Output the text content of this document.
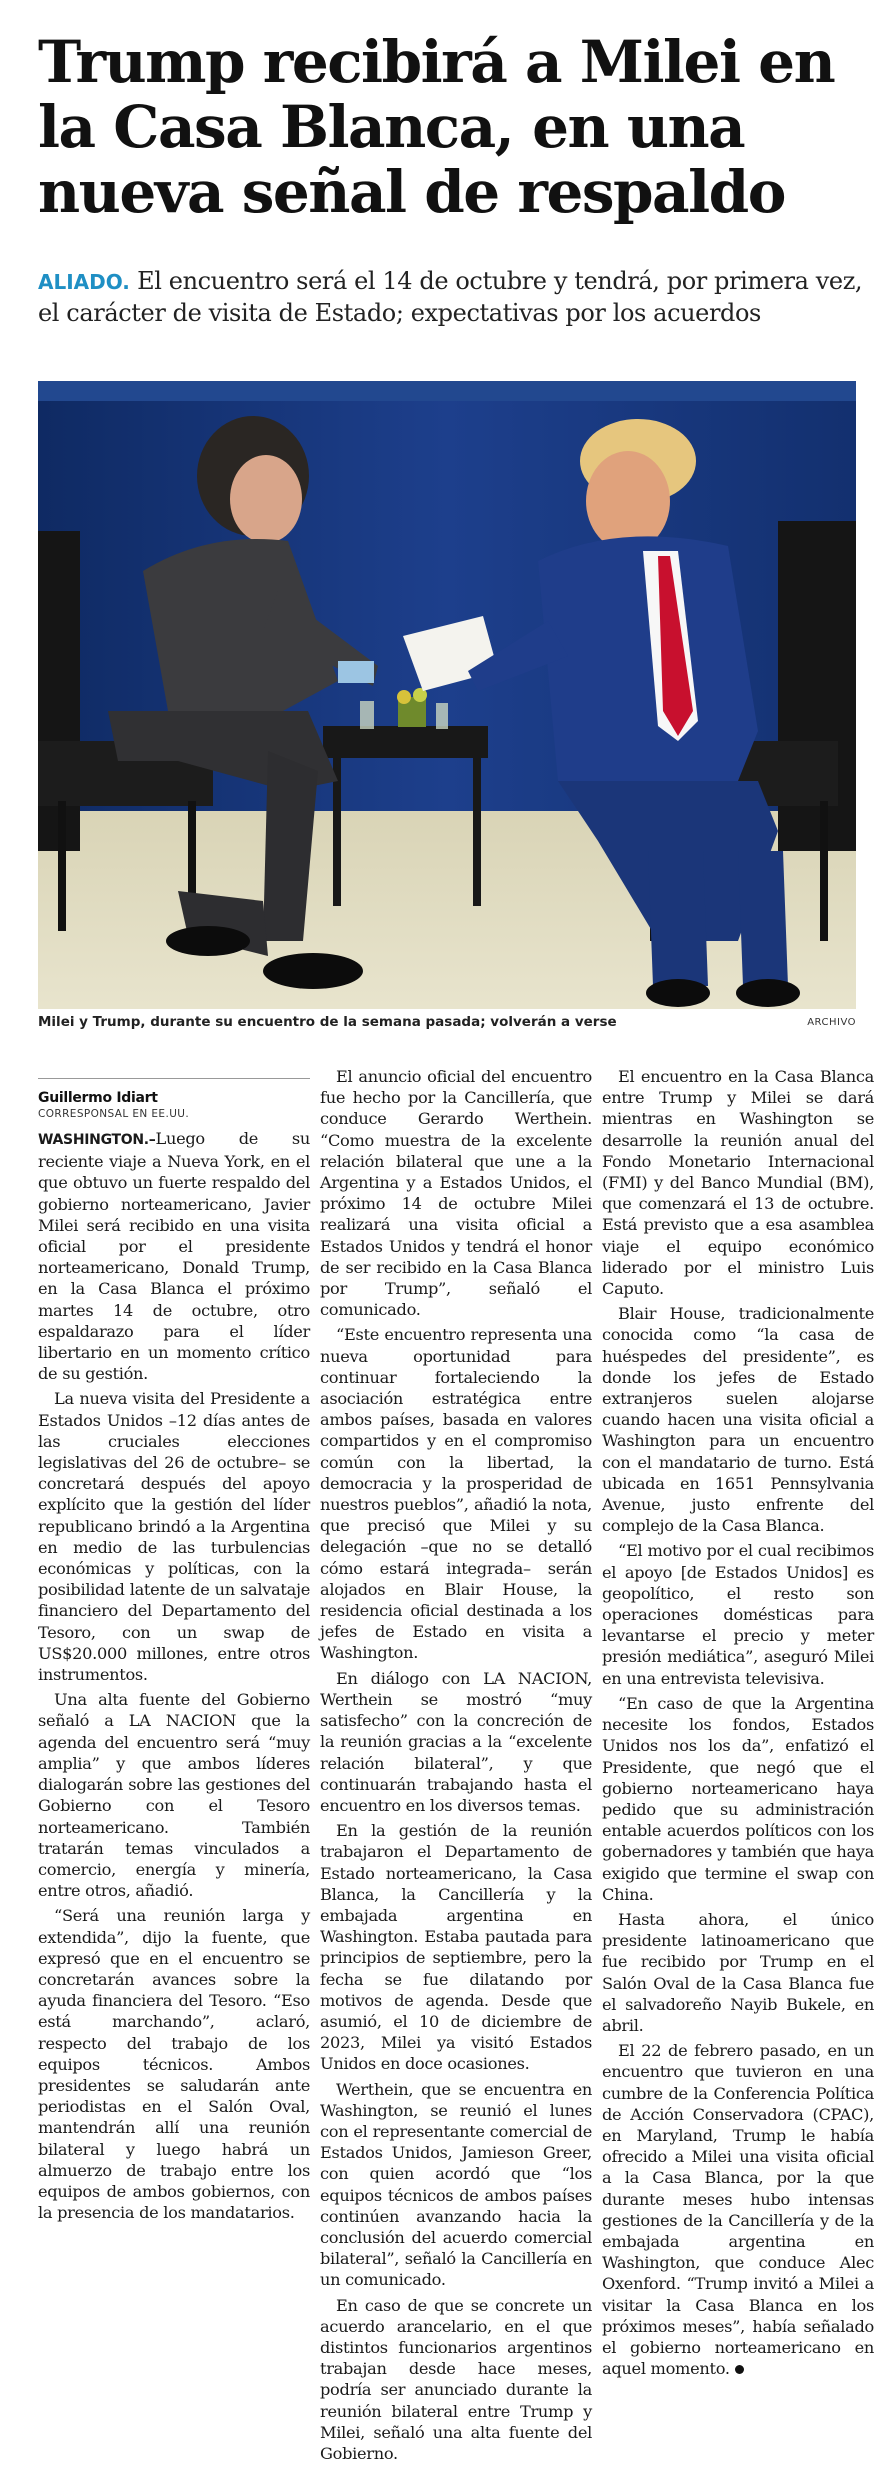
Trump recibirá a Milei en la Casa Blanca, en una nueva señal de respaldo
ALIADO. El encuentro será el 14 de octubre y tendrá, por primera vez, el carácter de visita de Estado; expectativas por los acuerdos
Milei y Trump, durante su encuentro de la semana pasada; volverán a verse	ARCHIVO
Guillermo Idiart
CORRESPONSAL EN EE.UU.

WASHINGTON.–Luego de su reciente viaje a Nueva York, en el que obtuvo un fuerte respaldo del gobierno norteamericano, Javier Milei será recibido en una visita oficial por el presidente norteamericano, Donald Trump, en la Casa Blanca el próximo martes 14 de octubre, otro espaldarazo para el líder libertario en un momento crítico de su gestión.

La nueva visita del Presidente a Estados Unidos –12 días antes de las cruciales elecciones legislativas del 26 de octubre– se concretará después del apoyo explícito que la gestión del líder republicano brindó a la Argentina en medio de las turbulencias económicas y políticas, con la posibilidad latente de un salvataje financiero del Departamento del Tesoro, con un swap de US$20.000 millones, entre otros instrumentos.

Una alta fuente del Gobierno señaló a LA NACION que la agenda del encuentro será “muy amplia” y que ambos líderes dialogarán sobre las gestiones del Gobierno con el Tesoro norteamericano. También tratarán temas vinculados a comercio, energía y minería, entre otros, añadió.

“Será una reunión larga y extendida”, dijo la fuente, que expresó que en el encuentro se concretarán avances sobre la ayuda financiera del Tesoro. “Eso está marchando”, aclaró, respecto del trabajo de los equipos técnicos. Ambos presidentes se saludarán ante periodistas en el Salón Oval, mantendrán allí una reunión bilateral y luego habrá un almuerzo de trabajo entre los equipos de ambos gobiernos, con la presencia de los mandatarios.

El anuncio oficial del encuentro fue hecho por la Cancillería, que conduce Gerardo Werthein. “Como muestra de la excelente relación bilateral que une a la Argentina y a Estados Unidos, el próximo 14 de octubre Milei realizará una visita oficial a Estados Unidos y tendrá el honor de ser recibido en la Casa Blanca por Trump”, señaló el comunicado.

“Este encuentro representa una nueva oportunidad para continuar fortaleciendo la asociación estratégica entre ambos países, basada en valores compartidos y en el compromiso común con la libertad, la democracia y la prosperidad de nuestros pueblos”, añadió la nota, que precisó que Milei y su delegación –que no se detalló cómo estará integrada– serán alojados en Blair House, la residencia oficial destinada a los jefes de Estado en visita a Washington.

En diálogo con LA NACION, Werthein se mostró “muy satisfecho” con la concreción de la reunión gracias a la “excelente relación bilateral”, y que continuarán trabajando hasta el encuentro en los diversos temas.

En la gestión de la reunión trabajaron el Departamento de Estado norteamericano, la Casa Blanca, la Cancillería y la embajada argentina en Washington. Estaba pautada para principios de septiembre, pero la fecha se fue dilatando por motivos de agenda. Desde que asumió, el 10 de diciembre de 2023, Milei ya visitó Estados Unidos en doce ocasiones.

Werthein, que se encuentra en Washington, se reunió el lunes con el representante comercial de Estados Unidos, Jamieson Greer, con quien acordó que “los equipos técnicos de ambos países continúen avanzando hacia la conclusión del acuerdo comercial bilateral”, señaló la Cancillería en un comunicado.

En caso de que se concrete un acuerdo arancelario, en el que distintos funcionarios argentinos trabajan desde hace meses, podría ser anunciado durante la reunión bilateral entre Trump y Milei, señaló una alta fuente del Gobierno.

El encuentro en la Casa Blanca entre Trump y Milei se dará mientras en Washington se desarrolle la reunión anual del Fondo Monetario Internacional (FMI) y del Banco Mundial (BM), que comenzará el 13 de octubre. Está previsto que a esa asamblea viaje el equipo económico liderado por el ministro Luis Caputo.

Blair House, tradicionalmente conocida como “la casa de huéspedes del presidente”, es donde los jefes de Estado extranjeros suelen alojarse cuando hacen una visita oficial a Washington para un encuentro con el mandatario de turno. Está ubicada en 1651 Pennsylvania Avenue, justo enfrente del complejo de la Casa Blanca.

“El motivo por el cual recibimos el apoyo [de Estados Unidos] es geopolítico, el resto son operaciones domésticas para levantarse el precio y meter presión mediática”, aseguró Milei en una entrevista televisiva.

“En caso de que la Argentina necesite los fondos, Estados Unidos nos los da”, enfatizó el Presidente, que negó que el gobierno norteamericano haya pedido que su administración entable acuerdos políticos con los gobernadores y también que haya exigido que termine el swap con China.

Hasta ahora, el único presidente latinoamericano que fue recibido por Trump en el Salón Oval de la Casa Blanca fue el salvadoreño Nayib Bukele, en abril.

El 22 de febrero pasado, en un encuentro que tuvieron en una cumbre de la Conferencia Política de Acción Conservadora (CPAC), en Maryland, Trump le había ofrecido a Milei una visita oficial a la Casa Blanca, por la que durante meses hubo intensas gestiones de la Cancillería y de la embajada argentina en Washington, que conduce Alec Oxenford. “Trump invitó a Milei a visitar la Casa Blanca en los próximos meses”, había señalado el gobierno norteamericano en aquel momento.
